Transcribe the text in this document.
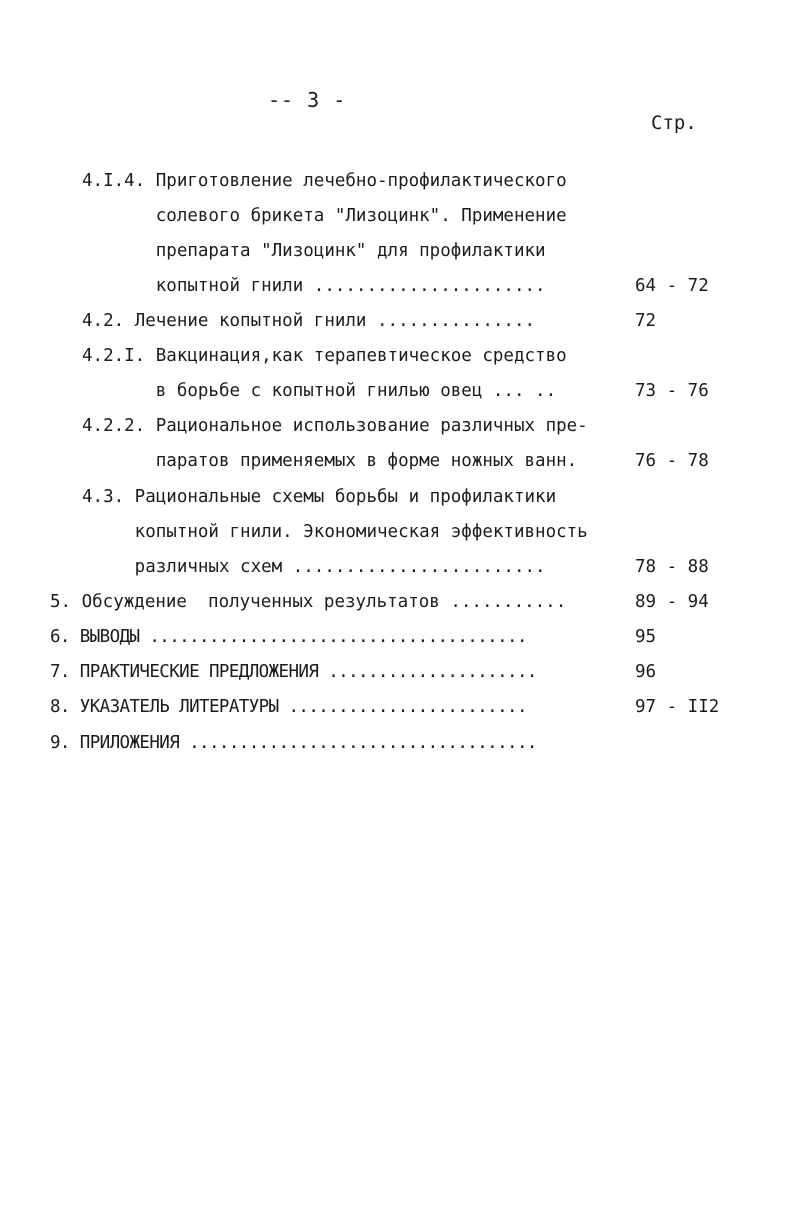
-- 3 -
Стр.
4.I.4. Приготовление лечебно-профилактического
солевого брикета "Лизоцинк". Применение
препарата "Лизоцинк" для профилактики
копытной гнили ......................	64 - 72
4.2. Лечение копытной гнили ...............	72
4.2.I. Вакцинация,как терапевтическое средство
в борьбе с копытной гнилью овец ... ..	73 - 76
4.2.2. Рациональное использование различных пре-
паратов применяемых в форме ножных ванн.	76 - 78
4.3. Рациональные схемы борьбы и профилактики
копытной гнили. Экономическая эффективность
различных схем ........................	78 - 88
5. Обсуждение  полученных результатов ...........	89 - 94
6. ВЫВОДЫ ......................................	95
7. ПРАКТИЧЕСКИЕ ПРЕДЛОЖЕНИЯ .....................	96
8. УКАЗАТЕЛЬ ЛИТЕРАТУРЫ ........................	97 - II2
9. ПРИЛОЖЕНИЯ ...................................
